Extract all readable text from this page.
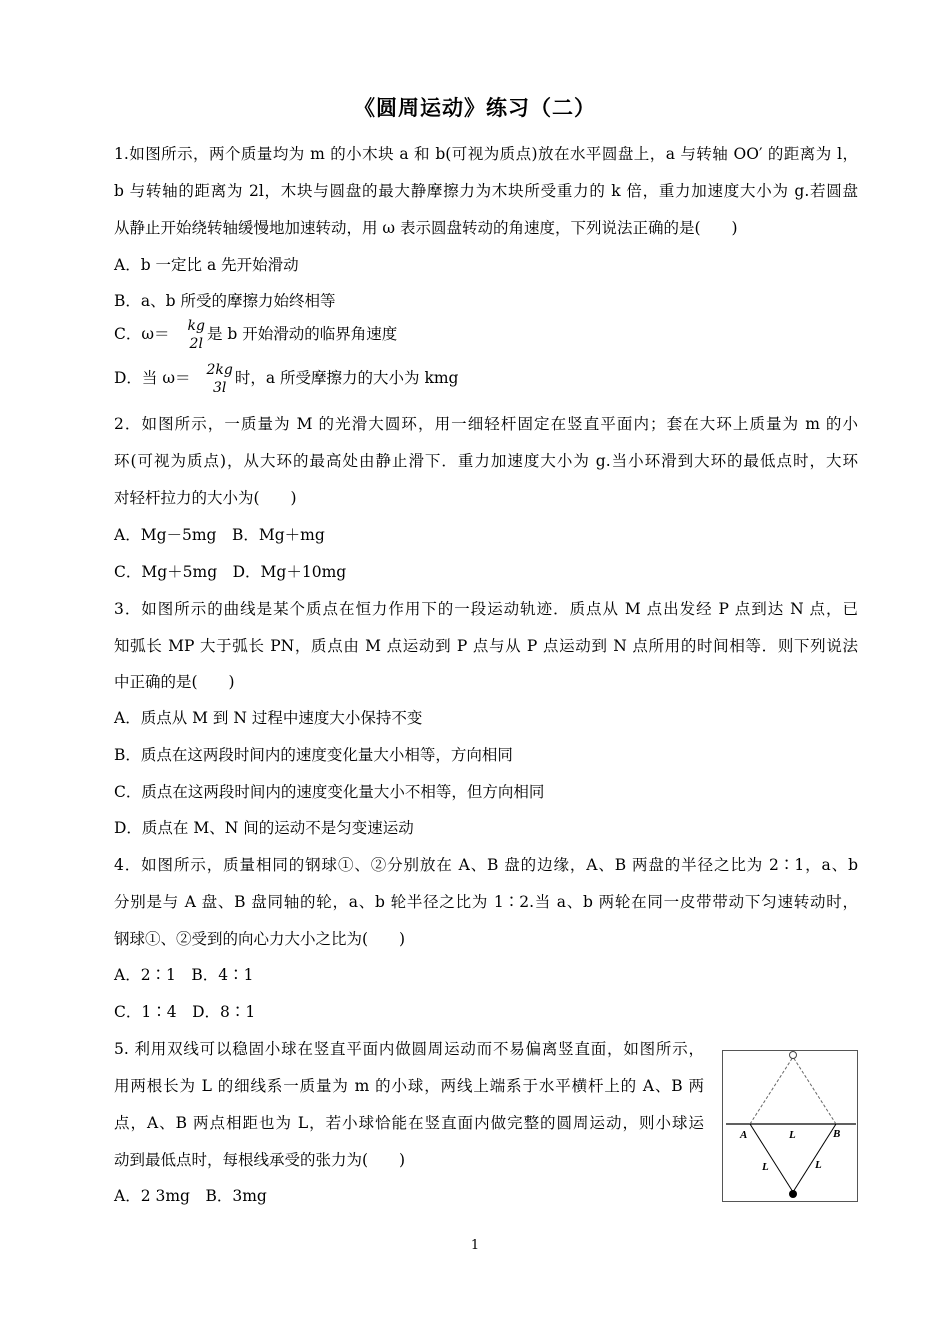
《圆周运动》练习（二）
1.如图所示，两个质量均为 m 的小木块 a 和 b(可视为质点)放在水平圆盘上，a 与转轴 OO′ 的距离为 l，
b 与转轴的距离为 2l，木块与圆盘的最大静摩擦力为木块所受重力的 k 倍，重力加速度大小为 g.若圆盘
从静止开始绕转轴缓慢地加速转动，用 ω 表示圆盘转动的角速度，下列说法正确的是(　　)
A．b 一定比 a 先开始滑动
B．a、b 所受的摩擦力始终相等
C．ω＝ kg
2l
是 b 开始滑动的临界角速度
D．当 ω＝ 2kg
3l
时，a 所受摩擦力的大小为 kmg
2．如图所示，一质量为 M 的光滑大圆环，用一细轻杆固定在竖直平面内；套在大环上质量为 m 的小
环(可视为质点)，从大环的最高处由静止滑下．重力加速度大小为 g.当小环滑到大环的最低点时，大环
对轻杆拉力的大小为(　　)
A．Mg－5mg　B．Mg＋mg
C．Mg＋5mg　D．Mg＋10mg
3．如图所示的曲线是某个质点在恒力作用下的一段运动轨迹．质点从 M 点出发经 P 点到达 N 点，已
知弧长 MP 大于弧长 PN，质点由 M 点运动到 P 点与从 P 点运动到 N 点所用的时间相等．则下列说法
中正确的是(　　)
A．质点从 M 到 N 过程中速度大小保持不变
B．质点在这两段时间内的速度变化量大小相等，方向相同
C．质点在这两段时间内的速度变化量大小不相等，但方向相同
D．质点在 M、N 间的运动不是匀变速运动
4．如图所示，质量相同的钢球①、②分别放在 A、B 盘的边缘，A、B 两盘的半径之比为 2∶1，a、b
分别是与 A 盘、B 盘同轴的轮，a、b 轮半径之比为 1∶2.当 a、b 两轮在同一皮带带动下匀速转动时，
钢球①、②受到的向心力大小之比为(　　)
A．2∶1　B．4∶1
C．1∶4　D．8∶1
5. 利用双线可以稳固小球在竖直平面内做圆周运动而不易偏离竖直面，如图所示，
用两根长为 L 的细线系一质量为 m 的小球，两线上端系于水平横杆上的 A、B 两
点，A、B 两点相距也为 L，若小球恰能在竖直面内做完整的圆周运动，则小球运
动到最低点时，每根线承受的张力为(　　)
A．2 3mg　B．3mg
A	B
L
L	L
1
